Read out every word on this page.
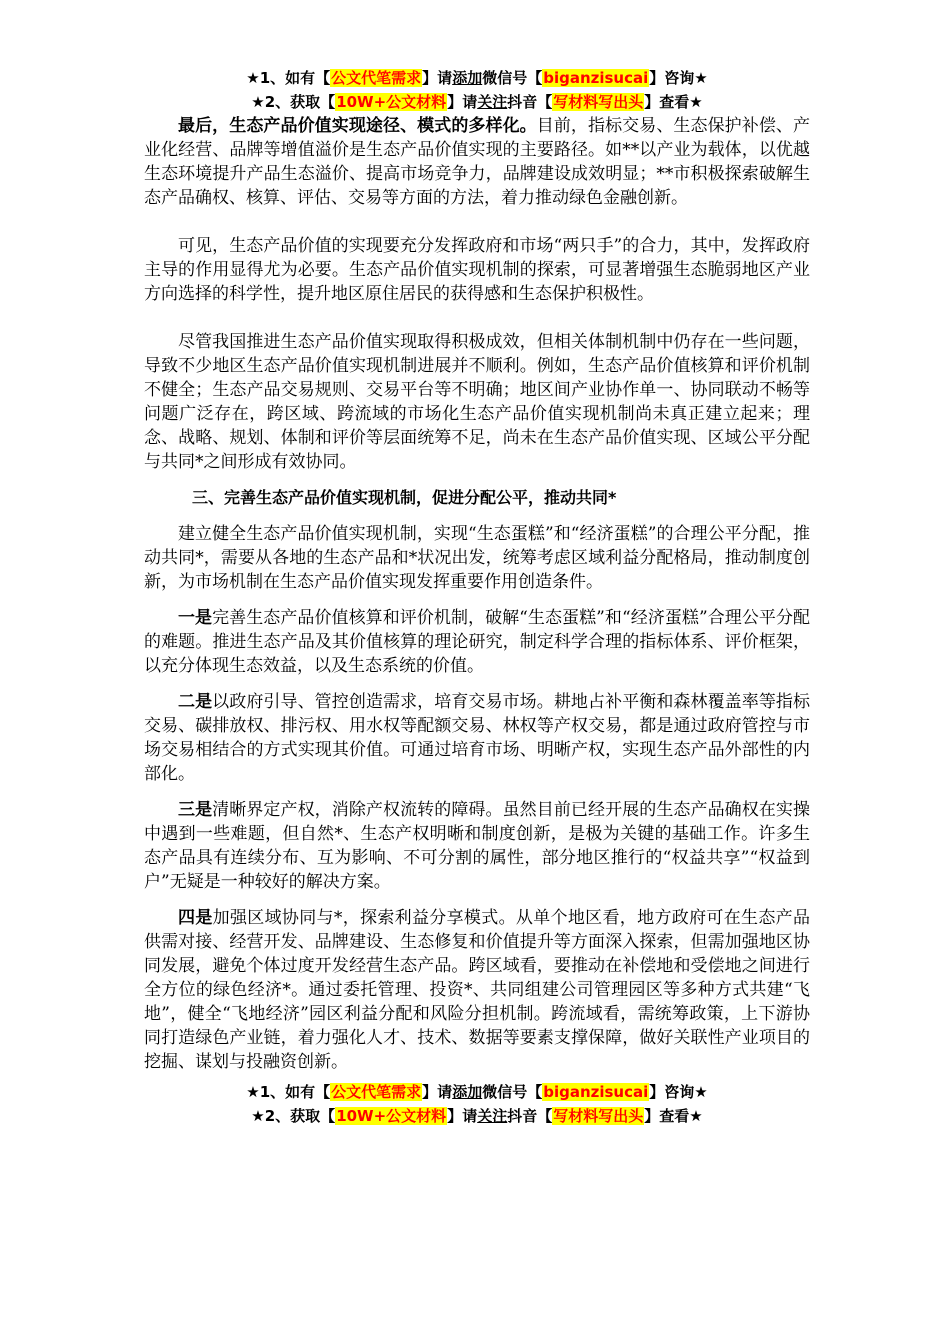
★1、如有【公文代笔需求】请添加微信号【biganzisucai】咨询★
★2、获取【10W+公文材料】请关注抖音【写材料写出头】查看★

最后，生态产品价值实现途径、模式的多样化。目前，指标交易、生态保护补偿、产业化经营、品牌等增值溢价是生态产品价值实现的主要路径。如**以产业为载体，以优越生态环境提升产品生态溢价、提高市场竞争力，品牌建设成效明显；**市积极探索破解生态产品确权、核算、评估、交易等方面的方法，着力推动绿色金融创新。

可见，生态产品价值的实现要充分发挥政府和市场“两只手”的合力，其中，发挥政府主导的作用显得尤为必要。生态产品价值实现机制的探索，可显著增强生态脆弱地区产业方向选择的科学性，提升地区原住居民的获得感和生态保护积极性。

尽管我国推进生态产品价值实现取得积极成效，但相关体制机制中仍存在一些问题，导致不少地区生态产品价值实现机制进展并不顺利。例如，生态产品价值核算和评价机制不健全；生态产品交易规则、交易平台等不明确；地区间产业协作单一、协同联动不畅等问题广泛存在，跨区域、跨流域的市场化生态产品价值实现机制尚未真正建立起来；理念、战略、规划、体制和评价等层面统筹不足，尚未在生态产品价值实现、区域公平分配与共同*之间形成有效协同。

三、完善生态产品价值实现机制，促进分配公平，推动共同*

建立健全生态产品价值实现机制，实现“生态蛋糕”和“经济蛋糕”的合理公平分配，推动共同*，需要从各地的生态产品和*状况出发，统筹考虑区域利益分配格局，推动制度创新，为市场机制在生态产品价值实现发挥重要作用创造条件。

一是完善生态产品价值核算和评价机制，破解“生态蛋糕”和“经济蛋糕”合理公平分配的难题。推进生态产品及其价值核算的理论研究，制定科学合理的指标体系、评价框架，以充分体现生态效益，以及生态系统的价值。

二是以政府引导、管控创造需求，培育交易市场。耕地占补平衡和森林覆盖率等指标交易、碳排放权、排污权、用水权等配额交易、林权等产权交易，都是通过政府管控与市场交易相结合的方式实现其价值。可通过培育市场、明晰产权，实现生态产品外部性的内部化。

三是清晰界定产权，消除产权流转的障碍。虽然目前已经开展的生态产品确权在实操中遇到一些难题，但自然*、生态产权明晰和制度创新，是极为关键的基础工作。许多生态产品具有连续分布、互为影响、不可分割的属性，部分地区推行的“权益共享”“权益到户”无疑是一种较好的解决方案。

四是加强区域协同与*，探索利益分享模式。从单个地区看，地方政府可在生态产品供需对接、经营开发、品牌建设、生态修复和价值提升等方面深入探索，但需加强地区协同发展，避免个体过度开发经营生态产品。跨区域看，要推动在补偿地和受偿地之间进行全方位的绿色经济*。通过委托管理、投资*、共同组建公司管理园区等多种方式共建“飞地”，健全“飞地经济”园区利益分配和风险分担机制。跨流域看，需统筹政策，上下游协同打造绿色产业链，着力强化人才、技术、数据等要素支撑保障，做好关联性产业项目的挖掘、谋划与投融资创新。

★1、如有【公文代笔需求】请添加微信号【biganzisucai】咨询★
★2、获取【10W+公文材料】请关注抖音【写材料写出头】查看★
